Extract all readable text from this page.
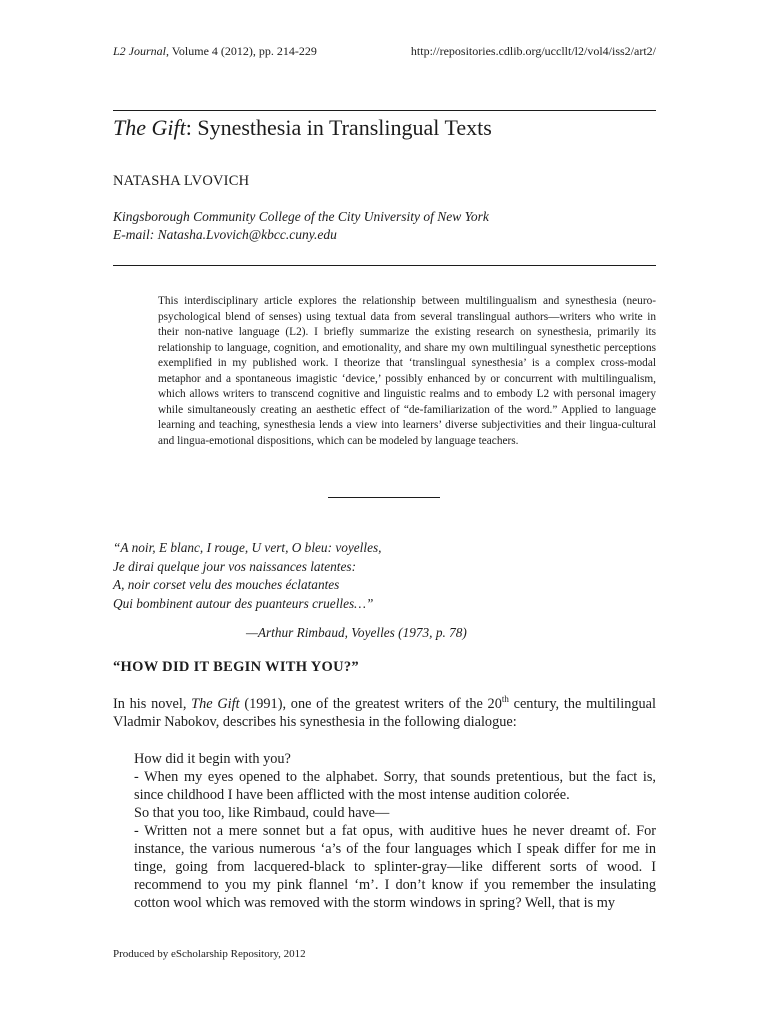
L2 Journal, Volume 4 (2012), pp. 214-229	http://repositories.cdlib.org/uccllt/l2/vol4/iss2/art2/
The Gift: Synesthesia in Translingual Texts
NATASHA LVOVICH
Kingsborough Community College of the City University of New York
E-mail: Natasha.Lvovich@kbcc.cuny.edu
This interdisciplinary article explores the relationship between multilingualism and synesthesia (neuro-psychological blend of senses) using textual data from several translingual authors—writers who write in their non-native language (L2). I briefly summarize the existing research on synesthesia, primarily its relationship to language, cognition, and emotionality, and share my own multilingual synesthetic perceptions exemplified in my published work. I theorize that ‘translingual synesthesia’ is a complex cross-modal metaphor and a spontaneous imagistic ‘device,’ possibly enhanced by or concurrent with multilingualism, which allows writers to transcend cognitive and linguistic realms and to embody L2 with personal imagery while simultaneously creating an aesthetic effect of “de-familiarization of the word.” Applied to language learning and teaching, synesthesia lends a view into learners’ diverse subjectivities and their lingua-cultural and lingua-emotional dispositions, which can be modeled by language teachers.
“A noir, E blanc, I rouge, U vert, O bleu: voyelles,
Je dirai quelque jour vos naissances latentes:
A, noir corset velu des mouches éclatantes
Qui bombinent autour des puanteurs cruelles…”
—Arthur Rimbaud, Voyelles (1973, p. 78)
“HOW DID IT BEGIN WITH YOU?”
In his novel, The Gift (1991), one of the greatest writers of the 20th century, the multilingual Vladmir Nabokov, describes his synesthesia in the following dialogue:

How did it begin with you?

- When my eyes opened to the alphabet. Sorry, that sounds pretentious, but the fact is, since childhood I have been afflicted with the most intense audition colorée.

So that you too, like Rimbaud, could have—

- Written not a mere sonnet but a fat opus, with auditive hues he never dreamt of. For instance, the various numerous ‘a’s of the four languages which I speak differ for me in tinge, going from lacquered-black to splinter-gray—like different sorts of wood. I recommend to you my pink flannel ‘m’. I don’t know if you remember the insulating cotton wool which was removed with the storm windows in spring? Well, that is my

Produced by eScholarship Repository, 2012
